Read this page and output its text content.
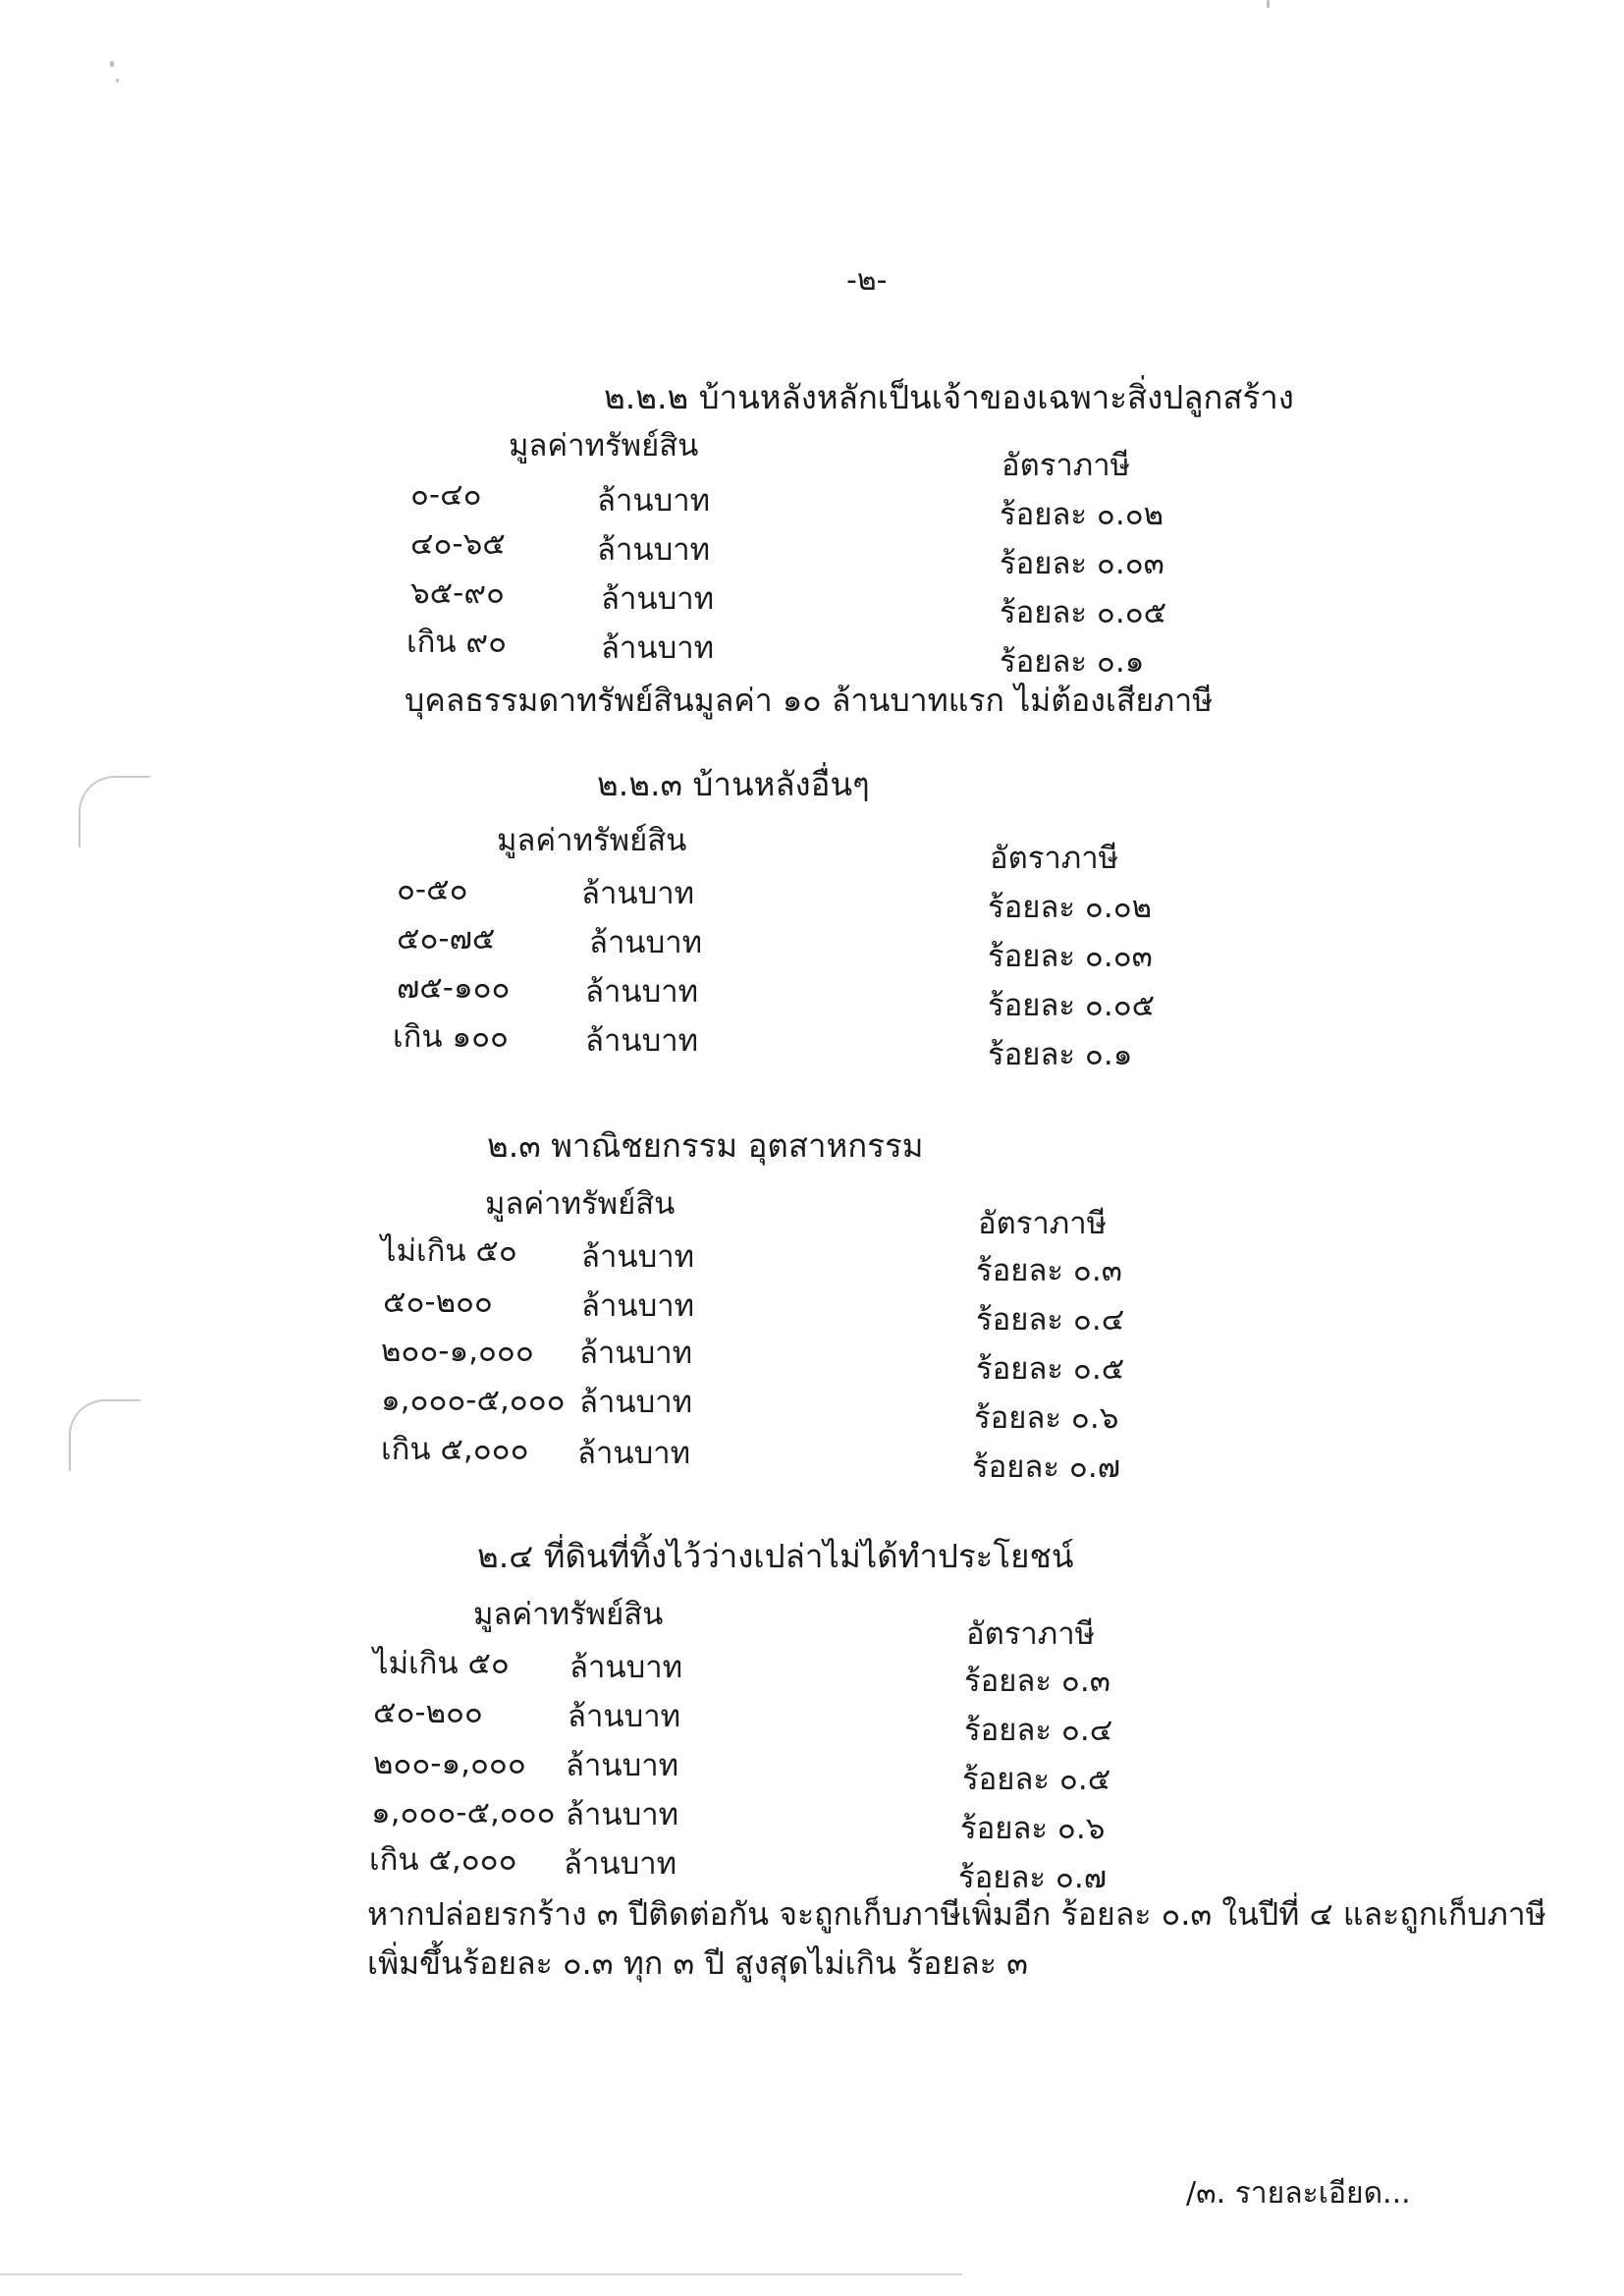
-๒-
๒.๒.๒ บ้านหลังหลักเป็นเจ้าของเฉพาะสิ่งปลูกสร้าง
มูลค่าทรัพย์สิน
อัตราภาษี
๐-๔๐	ล้านบาท	ร้อยละ ๐.๐๒
๔๐-๖๕	ล้านบาท	ร้อยละ ๐.๐๓
๖๕-๙๐	ล้านบาท	ร้อยละ ๐.๐๕
เกิน ๙๐	ล้านบาท	ร้อยละ ๐.๑
บุคลธรรมดาทรัพย์สินมูลค่า ๑๐ ล้านบาทแรก ไม่ต้องเสียภาษี
๒.๒.๓ บ้านหลังอื่นๆ
มูลค่าทรัพย์สิน	อัตราภาษี
๐-๕๐	ล้านบาท	ร้อยละ ๐.๐๒
๕๐-๗๕	ล้านบาท	ร้อยละ ๐.๐๓
๗๕-๑๐๐ ล้านบาท	ร้อยละ ๐.๐๕
เกิน ๑๐๐	ล้านบาท	ร้อยละ ๐.๑
๒.๓ พาณิชยกรรม อุตสาหกรรม
มูลค่าทรัพย์สิน
อัตราภาษี
ไม่เกิน ๕๐ ล้านบาท	ร้อยละ ๐.๓
๕๐-๒๐๐	ล้านบาท	ร้อยละ ๐.๔
๒๐๐-๑,๐๐๐ ล้านบาท	ร้อยละ ๐.๕
๑,๐๐๐-๕,๐๐๐ ล้านบาท	ร้อยละ ๐.๖
เกิน ๕,๐๐๐ ล้านบาท	ร้อยละ ๐.๗
๒.๔ ที่ดินที่ทิ้งไว้ว่างเปล่าไม่ได้ทำประโยชน์
มูลค่าทรัพย์สิน
อัตราภาษี
ไม่เกิน ๕๐ ล้านบาท	ร้อยละ ๐.๓
๕๐-๒๐๐	ล้านบาท	ร้อยละ ๐.๔
๒๐๐-๑,๐๐๐ ล้านบาท	ร้อยละ ๐.๕
๑,๐๐๐-๕,๐๐๐ ล้านบาท	ร้อยละ ๐.๖
เกิน ๕,๐๐๐ ล้านบาท	ร้อยละ ๐.๗
หากปล่อยรกร้าง ๓ ปีติดต่อกัน จะถูกเก็บภาษีเพิ่มอีก ร้อยละ ๐.๓ ในปีที่ ๔ และถูกเก็บภาษี
เพิ่มขึ้นร้อยละ ๐.๓ ทุก ๓ ปี สูงสุดไม่เกิน ร้อยละ ๓
/๓. รายละเอียด...
